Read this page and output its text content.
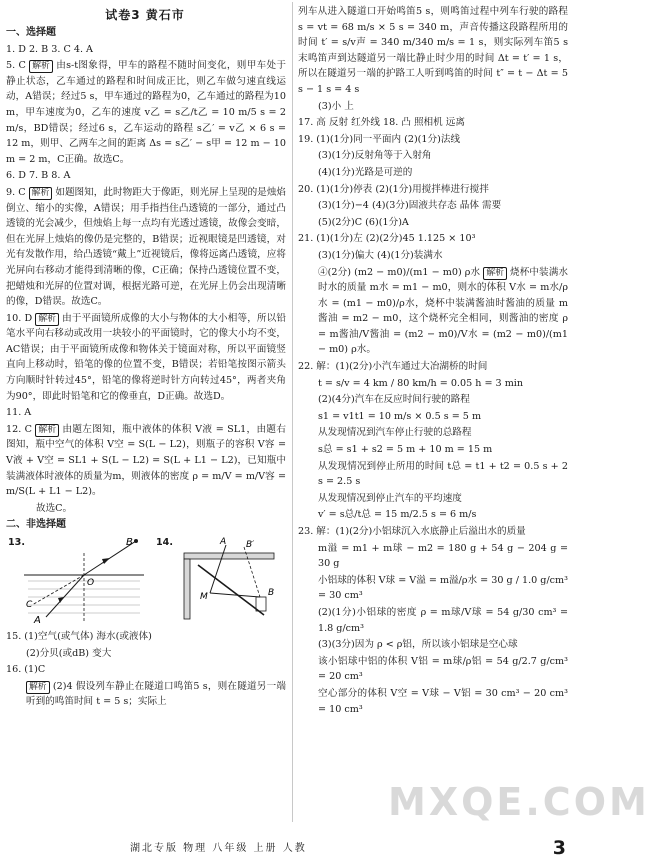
试卷3 黄石市
一、选择题
1. D 2. B 3. C 4. A
5. C 解析 由s-t图象得，甲车的路程不随时间变化，则甲车处于静止状态，乙车通过的路程和时间成正比，则乙车做匀速直线运动，A错误；经过5 s，甲车通过的路程为0，乙车通过的路程为10 m，甲车速度为0，乙车的速度 v乙 = s乙/t乙 = 10 m/5 s = 2 m/s，BD错误；经过6 s，乙车运动的路程 s乙′ = v乙 × 6 s = 12 m，则甲、乙两车之间的距离 Δs = s乙′ − s甲 = 12 m − 10 m = 2 m，C正确。故选C。
6. D 7. B 8. A
9. C 解析 如题图知，此时物距大于像距，则光屏上呈现的是烛焰倒立、缩小的实像，A错误；用手指挡住凸透镜的一部分，通过凸透镜的光会减少，但烛焰上每一点均有光透过透镜，故像会变暗，但在光屏上烛焰的像仍是完整的，B错误；近视眼镜是凹透镜，对光有发散作用，给凸透镜“戴上”近视镜后，像将远离凸透镜，应将光屏向右移动才能得到清晰的像，C正确；保持凸透镜位置不变，把蜡烛和光屏的位置对调，根据光路可逆，在光屏上仍会出现清晰的像，D错误。故选C。
10. D 解析 由于平面镜所成像的大小与物体的大小相等，所以铅笔水平向右移动或改用一块较小的平面镜时，它的像大小均不变，AC错误；由于平面镜所成像和物体关于镜面对称，所以平面镜竖直向上移动时，铅笔的像的位置不变，B错误；若铅笔按图示箭头方向顺时针转过45°，铅笔的像将逆时针方向转过45°，两者夹角为90°，即此时铅笔和它的像垂直，D正确。故选D。
11. A
12. C 解析 由题左图知，瓶中液体的体积 V液 = SL1，由题右图知，瓶中空气的体积 V空 = S(L − L2)，则瓶子的容积 V容 = V液 + V空 = SL1 + S(L − L2) = S(L + L1 − L2)，已知瓶中装满液体时液体的质量为m，则液体的密度 ρ = m/V = m/V容 = m/S(L + L1 − L2)。
故选C。
二、非选择题
13.	B
A
C
O
14.	B′
A
M	B
15. (1)空气(或气体) 海水(或液体)
(2)分贝(或dB) 变大
16. (1)C
解析 (2)4 假设列车静止在隧道口鸣笛5 s，则在隧道另一端听到的鸣笛时间 t = 5 s；实际上
列车从进入隧道口开始鸣笛5 s，则鸣笛过程中列车行驶的路程 s = vt = 68 m/s × 5 s = 340 m，声音传播这段路程所用的时间 t′ = s/v声 = 340 m/340 m/s = 1 s，则实际列车笛5 s末鸣笛声到达隧道另一端比静止时少用的时间 Δt = t′ = 1 s，所以在隧道另一端的护路工人听到鸣笛的时间 t″ = t − Δt = 5 s − 1 s = 4 s
(3)小 上
17. 高 反射 红外线 18. 凸 照相机 远离
19. (1)(1分)同一平面内 (2)(1分)法线
(3)(1分)反射角等于入射角
(4)(1分)光路是可逆的
20. (1)(1分)停表 (2)(1分)用搅拌棒进行搅拌
(3)(1分)−4 (4)(3分)固液共存态 晶体 需要
(5)(2分)C (6)(1分)A
21. (1)(1分)左 (2)(2分)45 1.125 × 10³
(3)(1分)偏大 (4)(1分)装满水
④(2分) (m2 − m0)/(m1 − m0) ρ水 解析 烧杯中装满水时水的质量 m水 = m1 − m0，则水的体积 V水 = m水/ρ水 = (m1 − m0)/ρ水，烧杯中装满酱油时酱油的质量 m酱油 = m2 − m0，这个烧杯完全相同，则酱油的密度 ρ = m酱油/V酱油 = (m2 − m0)/V水 = (m2 − m0)/(m1 − m0) ρ水。
22. 解：(1)(2分)小汽车通过大冶湖桥的时间
t = s/v = 4 km / 80 km/h = 0.05 h = 3 min
(2)(4分)汽车在反应时间行驶的路程
s1 = v1t1 = 10 m/s × 0.5 s = 5 m
从发现情况到汽车停止行驶的总路程
s总 = s1 + s2 = 5 m + 10 m = 15 m
从发现情况到停止所用的时间 t总 = t1 + t2 = 0.5 s + 2 s = 2.5 s
从发现情况到停止汽车的平均速度
v′ = s总/t总 = 15 m/2.5 s = 6 m/s
23. 解：(1)(2分)小铝球沉入水底静止后溢出水的质量
m溢 = m1 + m球 − m2 = 180 g + 54 g − 204 g = 30 g
小铝球的体积 V球 = V溢 = m溢/ρ水 = 30 g / 1.0 g/cm³ = 30 cm³
(2)(1分)小铝球的密度 ρ = m球/V球 = 54 g/30 cm³ = 1.8 g/cm³
(3)(3分)因为 ρ < ρ铝，所以该小铝球是空心球
该小铝球中铝的体积 V铝 = m球/ρ铝 = 54 g/2.7 g/cm³ = 20 cm³
空心部分的体积 V空 = V球 − V铝 = 30 cm³ − 20 cm³ = 10 cm³
MXQE.COM
湖北专版 物理 八年级 上册 人教	3
